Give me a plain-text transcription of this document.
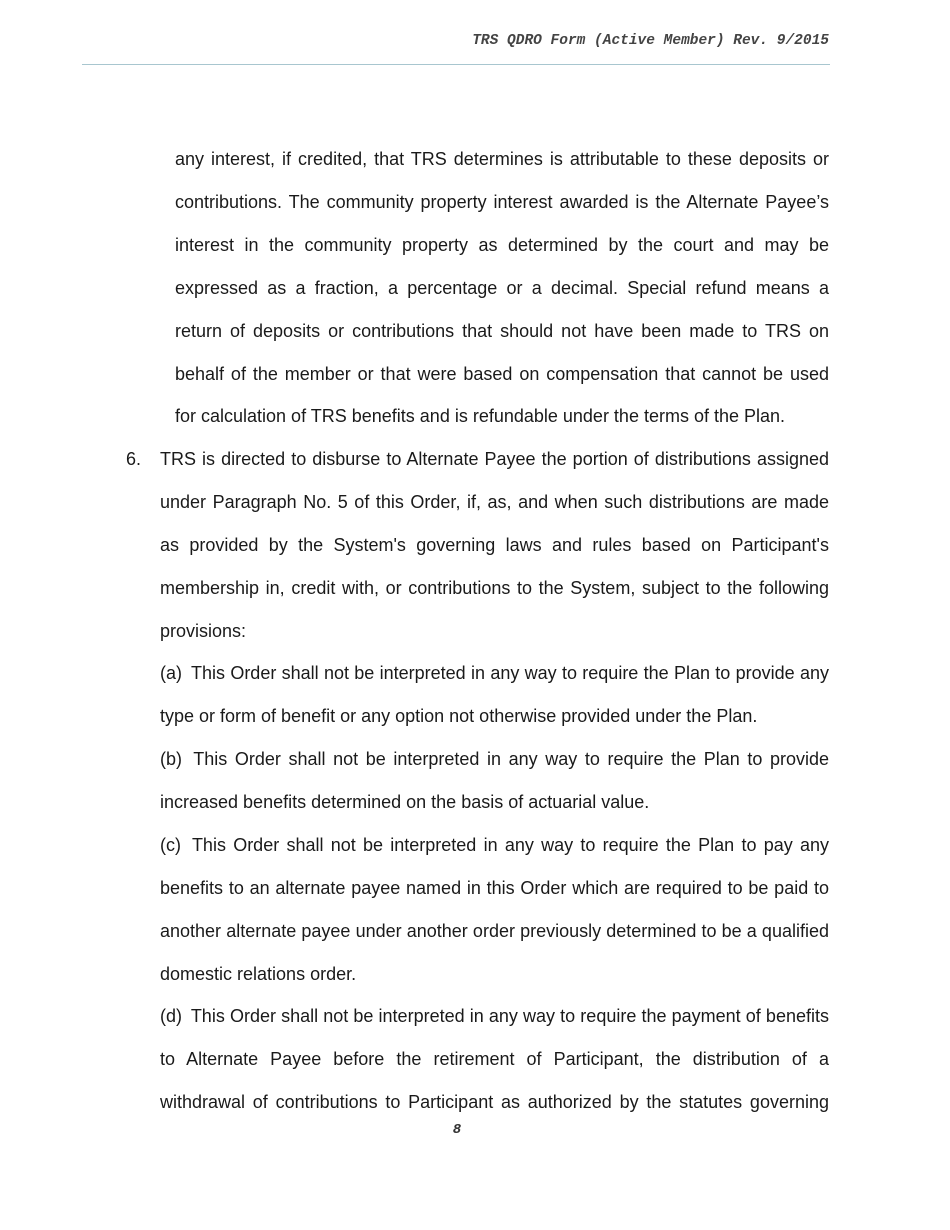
TRS QDRO Form (Active Member) Rev. 9/2015

any interest, if credited, that TRS determines is attributable to these deposits or contributions. The community property interest awarded is the Alternate Payee’s interest in the community property as determined by the court and may be expressed as a fraction, a percentage or a decimal. Special refund means a return of deposits or contributions that should not have been made to TRS on behalf of the member or that were based on compensation that cannot be used for calculation of TRS benefits and is refundable under the terms of the Plan.

6. TRS is directed to disburse to Alternate Payee the portion of distributions assigned under Paragraph No. 5 of this Order, if, as, and when such distributions are made as provided by the System's governing laws and rules based on Participant's membership in, credit with, or contributions to the System, subject to the following provisions:

(a) This Order shall not be interpreted in any way to require the Plan to provide any type or form of benefit or any option not otherwise provided under the Plan.

(b) This Order shall not be interpreted in any way to require the Plan to provide increased benefits determined on the basis of actuarial value.

(c) This Order shall not be interpreted in any way to require the Plan to pay any benefits to an alternate payee named in this Order which are required to be paid to another alternate payee under another order previously determined to be a qualified domestic relations order.

(d) This Order shall not be interpreted in any way to require the payment of benefits to Alternate Payee before the retirement of Participant, the distribution of a withdrawal of contributions to Participant as authorized by the statutes governing

8
